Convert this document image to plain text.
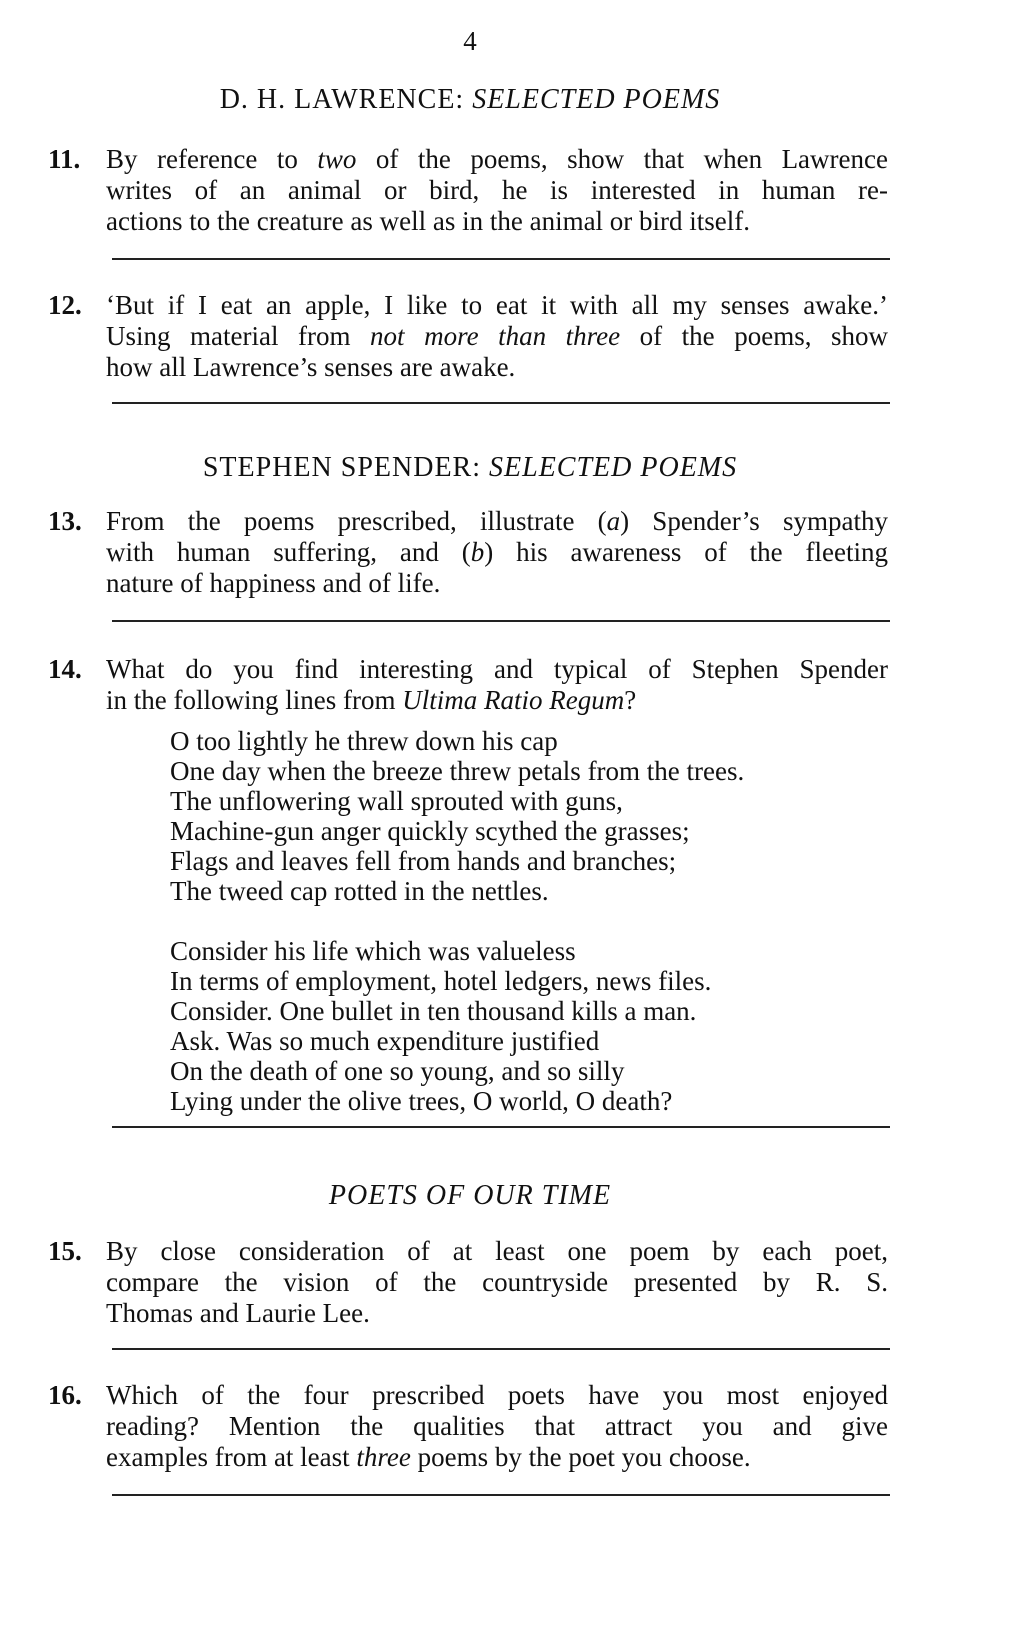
4
D. H. LAWRENCE: SELECTED POEMS
11. By reference to two of the poems, show that when Lawrence
writes of an animal or bird, he is interested in human re-
actions to the creature as well as in the animal or bird itself.
12. ‘But if I eat an apple, I like to eat it with all my senses awake.’
Using material from not more than three of the poems, show
how all Lawrence’s senses are awake.
STEPHEN SPENDER: SELECTED POEMS
13. From the poems prescribed, illustrate (a) Spender’s sympathy
with human suffering, and (b) his awareness of the fleeting
nature of happiness and of life.
14. What do you find interesting and typical of Stephen Spender
in the following lines from Ultima Ratio Regum?
O too lightly he threw down his cap
One day when the breeze threw petals from the trees.
The unflowering wall sprouted with guns,
Machine-gun anger quickly scythed the grasses;
Flags and leaves fell from hands and branches;
The tweed cap rotted in the nettles.
Consider his life which was valueless
In terms of employment, hotel ledgers, news files.
Consider. One bullet in ten thousand kills a man.
Ask. Was so much expenditure justified
On the death of one so young, and so silly
Lying under the olive trees, O world, O death?
POETS OF OUR TIME
15. By close consideration of at least one poem by each poet,
compare the vision of the countryside presented by R. S.
Thomas and Laurie Lee.
16. Which of the four prescribed poets have you most enjoyed
reading? Mention the qualities that attract you and give
examples from at least three poems by the poet you choose.
